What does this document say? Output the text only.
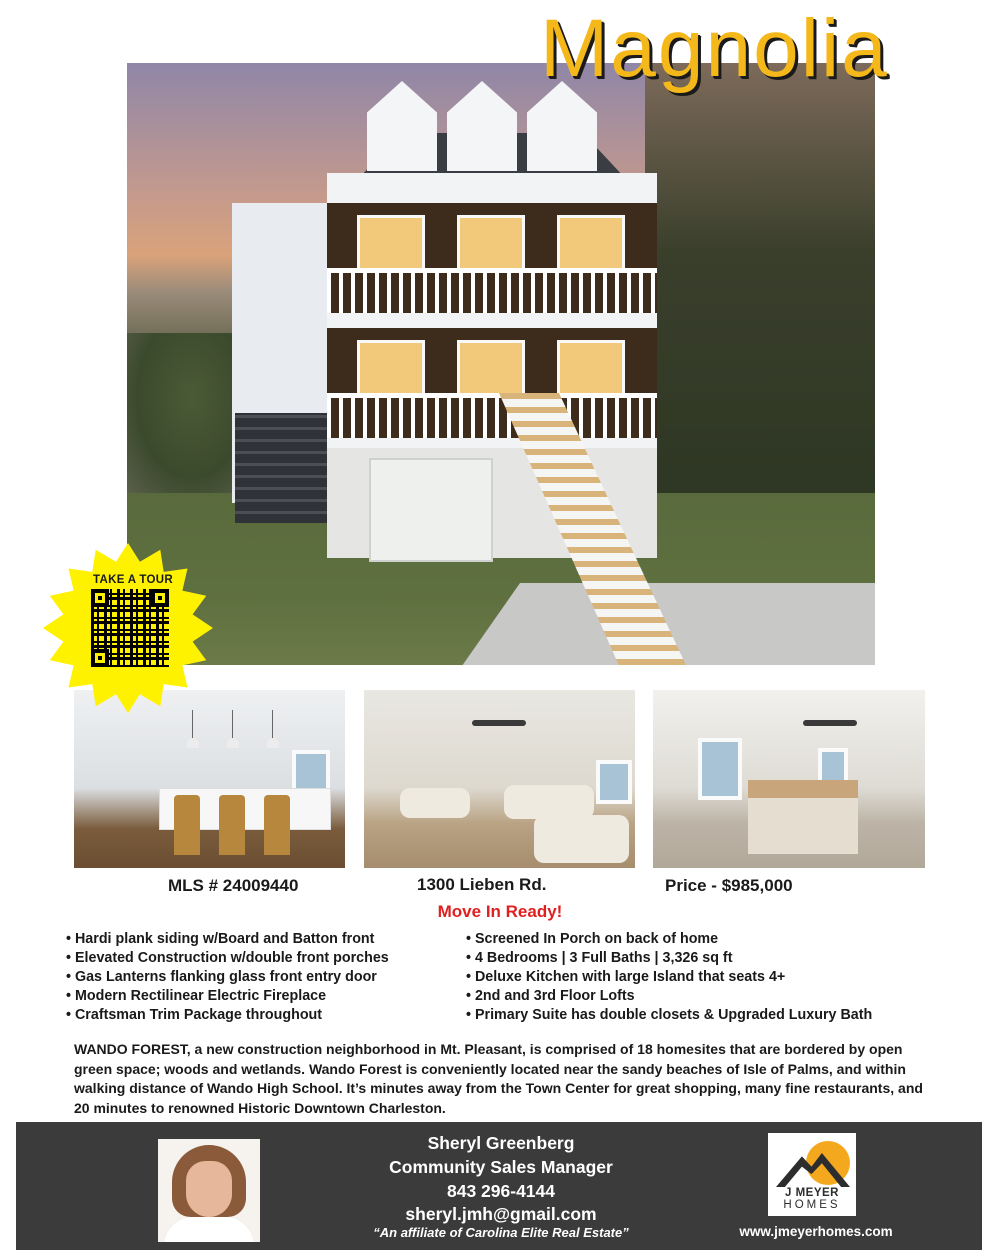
Magnolia
TAKE A TOUR
MLS # 24009440	1300 Lieben Rd.	Price - $985,000
Move In Ready!
• Hardi plank siding w/Board and Batton front
• Elevated Construction w/double front porches
• Gas Lanterns flanking glass front entry door
• Modern Rectilinear Electric Fireplace
• Craftsman Trim Package throughout
• Screened In Porch on back of home
• 4 Bedrooms | 3 Full Baths | 3,326 sq ft
• Deluxe Kitchen with large Island that seats 4+
• 2nd and 3rd Floor Lofts
• Primary Suite has double closets & Upgraded Luxury Bath
WANDO FOREST, a new construction neighborhood in Mt. Pleasant, is comprised of 18 homesites that are bordered by open green space; woods and wetlands. Wando Forest is conveniently located near the sandy beaches of Isle of Palms, and within walking distance of Wando High School. It’s minutes away from the Town Center for great shopping, many fine restaurants, and 20 minutes to renowned Historic Downtown Charleston.
Sheryl Greenberg
Community Sales Manager
843 296-4144
sheryl.jmh@gmail.com
“An affiliate of Carolina Elite Real Estate”
J MEYER
HOMES
www.jmeyerhomes.com
